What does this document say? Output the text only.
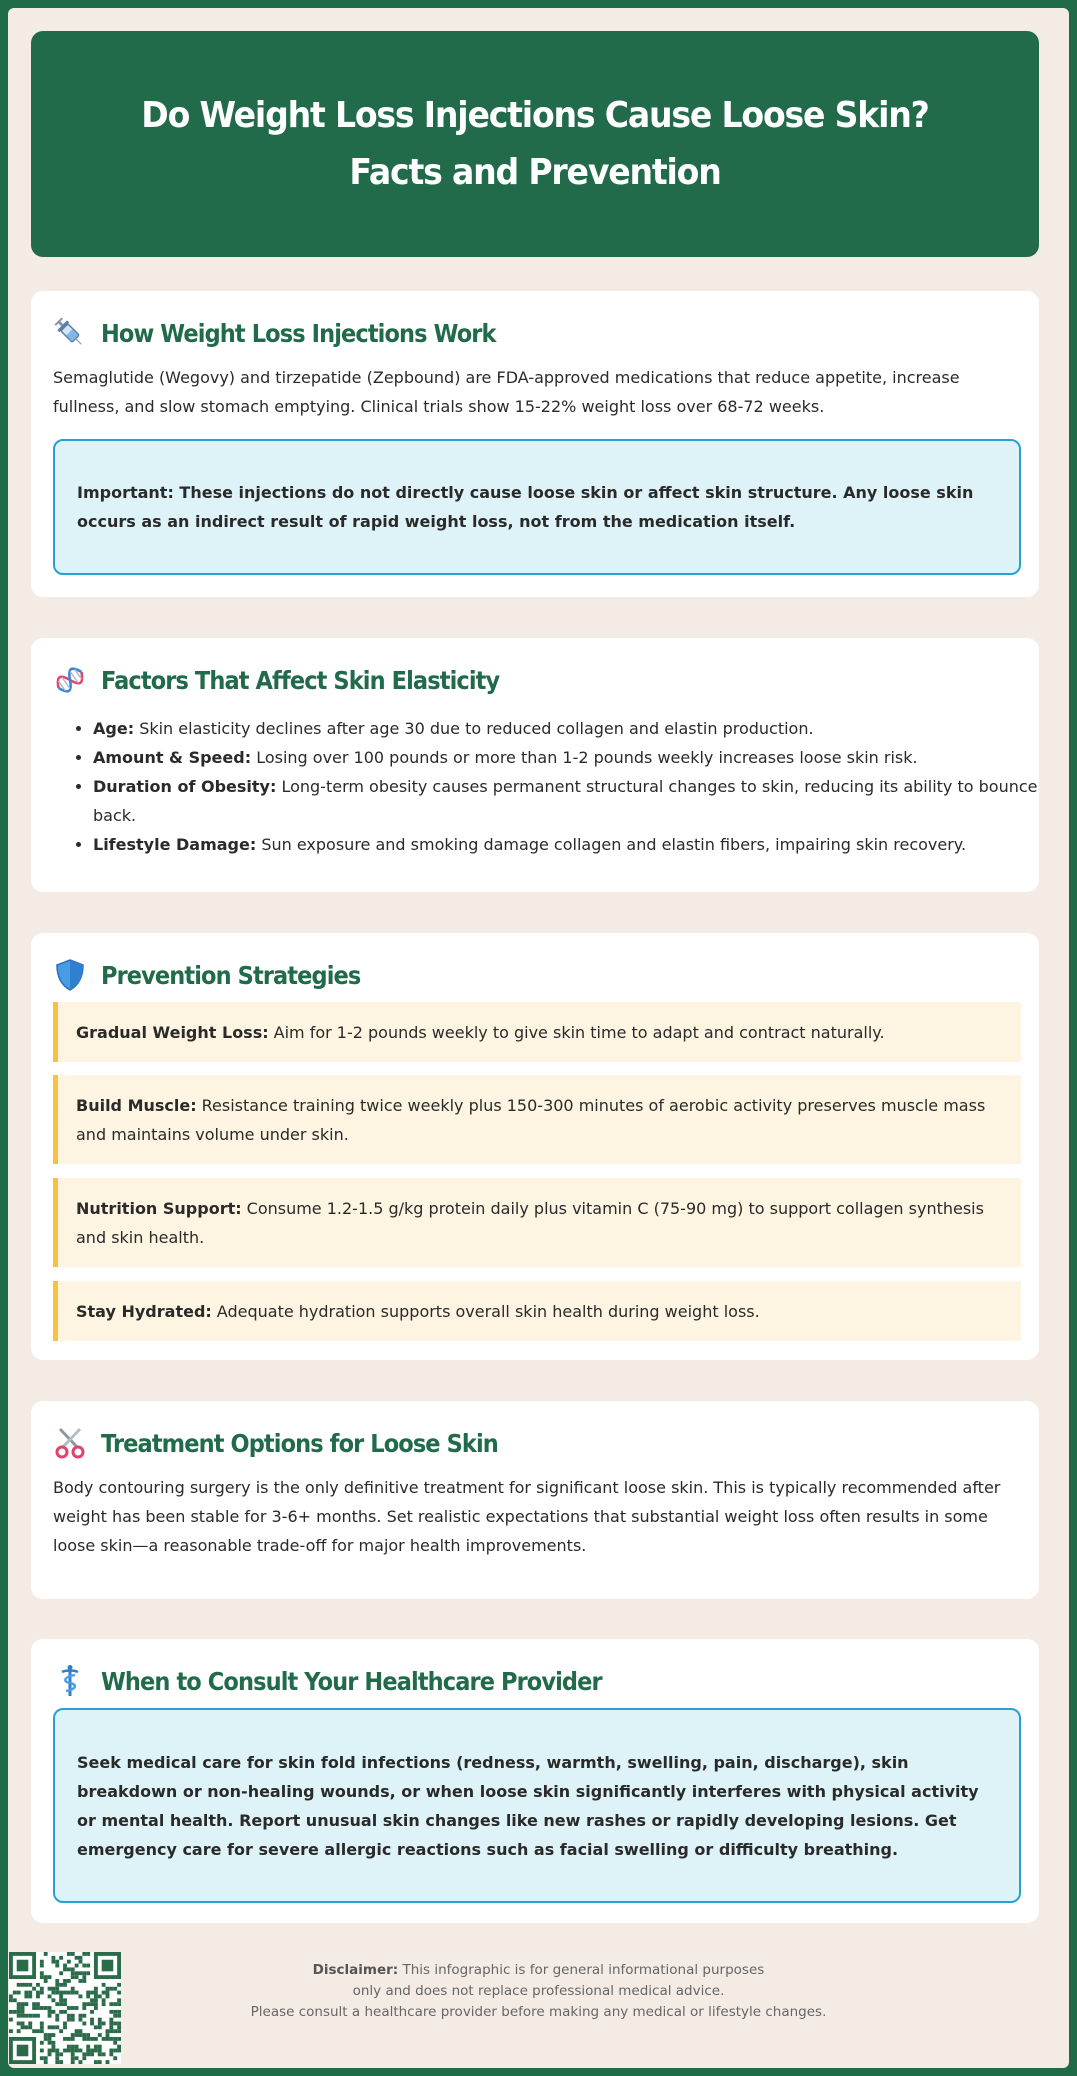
Do Weight Loss Injections Cause Loose Skin? Facts and Prevention
How Weight Loss Injections Work
Semaglutide (Wegovy) and tirzepatide (Zepbound) are FDA-approved medications that reduce appetite, increase fullness, and slow stomach emptying. Clinical trials show 15-22% weight loss over 68-72 weeks.
Important: These injections do not directly cause loose skin or affect skin structure. Any loose skin occurs as an indirect result of rapid weight loss, not from the medication itself.
Factors That Affect Skin Elasticity
• Age: Skin elasticity declines after age 30 due to reduced collagen and elastin production.
• Amount & Speed: Losing over 100 pounds or more than 1-2 pounds weekly increases loose skin risk.
• Duration of Obesity: Long-term obesity causes permanent structural changes to skin, reducing its ability to bounce back.
• Lifestyle Damage: Sun exposure and smoking damage collagen and elastin fibers, impairing skin recovery.
Prevention Strategies
Gradual Weight Loss: Aim for 1-2 pounds weekly to give skin time to adapt and contract naturally.
Build Muscle: Resistance training twice weekly plus 150-300 minutes of aerobic activity preserves muscle mass and maintains volume under skin.
Nutrition Support: Consume 1.2-1.5 g/kg protein daily plus vitamin C (75-90 mg) to support collagen synthesis and skin health.
Stay Hydrated: Adequate hydration supports overall skin health during weight loss.
Treatment Options for Loose Skin
Body contouring surgery is the only definitive treatment for significant loose skin. This is typically recommended after weight has been stable for 3-6+ months. Set realistic expectations that substantial weight loss often results in some loose skin—a reasonable trade-off for major health improvements.
When to Consult Your Healthcare Provider
Seek medical care for skin fold infections (redness, warmth, swelling, pain, discharge), skin breakdown or non-healing wounds, or when loose skin significantly interferes with physical activity or mental health. Report unusual skin changes like new rashes or rapidly developing lesions. Get emergency care for severe allergic reactions such as facial swelling or difficulty breathing.
Disclaimer: This infographic is for general informational purposes
only and does not replace professional medical advice.
Please consult a healthcare provider before making any medical or lifestyle changes.
